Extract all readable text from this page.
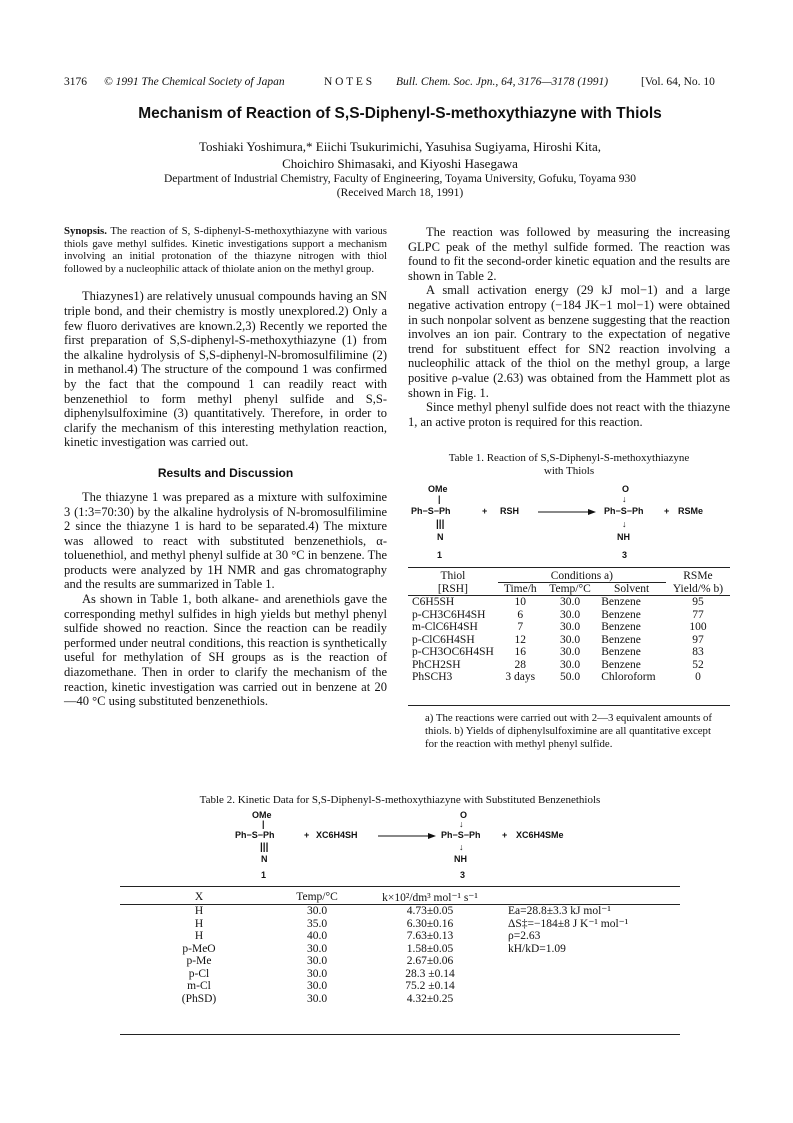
3176	© 1991 The Chemical Society of Japan	N O T E S	Bull. Chem. Soc. Jpn., 64, 3176—3178 (1991)	[Vol. 64, No. 10
Mechanism of Reaction of S,S-Diphenyl-S-methoxythiazyne with Thiols
Toshiaki Yoshimura,* Eiichi Tsukurimichi, Yasuhisa Sugiyama, Hiroshi Kita,
Choichiro Shimasaki, and Kiyoshi Hasegawa
Department of Industrial Chemistry, Faculty of Engineering, Toyama University, Gofuku, Toyama 930
(Received March 18, 1991)

Synopsis. The reaction of S, S-diphenyl-S-methoxythiazyne with various thiols gave methyl sulfides. Kinetic investigations support a mechanism involving an initial protonation of the thiazyne nitrogen with thiol followed by a nucleophilic attack of thiolate anion on the methyl group.

Thiazynes1) are relatively unusual compounds having an SN triple bond, and their chemistry is mostly unexplored.2) Only a few fluoro derivatives are known.2,3) Recently we reported the first preparation of S,S-diphenyl-S-methoxythiazyne (1) from the alkaline hydrolysis of S,S-diphenyl-N-bromosulfilimine (2) in methanol.4) The structure of the compound 1 was confirmed by the fact that the compound 1 can readily react with benzenethiol to form methyl phenyl sulfide and S,S-diphenylsulfoximine (3) quantitatively. Therefore, in order to clarify the mechanism of this interesting methylation reaction, kinetic investigation was carried out.

Results and Discussion

The thiazyne 1 was prepared as a mixture with sulfoximine 3 (1:3=70:30) by the alkaline hydrolysis of N-bromosulfilimine 2 since the thiazyne 1 is hard to be separated.4) The mixture was allowed to react with substituted benzenethiols, α-toluenethiol, and methyl phenyl sulfide at 30 °C in benzene. The products were analyzed by 1H NMR and gas chromatography and the results are summarized in Table 1.

As shown in Table 1, both alkane- and arenethiols gave the corresponding methyl sulfides in high yields but methyl phenyl sulfide showed no reaction. Since the reaction can be readily performed under neutral conditions, this reaction is synthetically useful for methylation of SH groups as is the reaction of diazomethane. Then in order to clarify the mechanism of the reaction, kinetic investigation was carried out in benzene at 20—40 °C using substituted benzenethiols.

The reaction was followed by measuring the increasing GLPC peak of the methyl sulfide formed. The reaction was found to fit the second-order kinetic equation and the results are shown in Table 2.

A small activation energy (29 kJ mol−1) and a large negative activation entropy (−184 JK−1 mol−1) were obtained in such nonpolar solvent as benzene suggesting that the reaction involves an ion pair. Contrary to the expectation of negative trend for substituent effect for SN2 reaction involving a nucleophilic attack of the thiol on the methyl group, a large positive ρ-value (2.63) was obtained from the Hammett plot as shown in Fig. 1.

Since methyl phenyl sulfide does not react with the thiazyne 1, an active proton is required for this reaction.

Table 1. Reaction of S,S-Diphenyl-S-methoxythiazyne
with Thiols
OMe
|
Ph−S−Ph	+ RSH
|||
N
1
O
↓
Ph−S−Ph + RSMe
↓
NH
3
Thiol	Conditions a)			RSMe
[RSH]	Time/h	Temp/°C	Solvent	Yield/% b)
C6H5SH	10	30.0	Benzene	95
p-CH3C6H4SH	6	30.0	Benzene	77
m-ClC6H4SH	7	30.0	Benzene	100
p-ClC6H4SH	12	30.0	Benzene	97
p-CH3OC6H4SH	16	30.0	Benzene	83
PhCH2SH	28	30.0	Benzene	52
PhSCH3	3 days	50.0	Chloroform	0
a) The reactions were carried out with 2—3 equivalent amounts of thiols. b) Yields of diphenylsulfoximine are all quantitative except for the reaction with methyl phenyl sulfide.
Table 2. Kinetic Data for S,S-Diphenyl-S-methoxythiazyne with Substituted Benzenethiols
OMe
|
Ph−S−Ph	+ XC6H4SH
|||
N
1
O
↓
Ph−S−Ph + XC6H4SMe
↓
NH
3
X	Temp/°C	k×10²/dm³ mol⁻¹ s⁻¹	
H	30.0	4.73±0.05	Ea=28.8±3.3 kJ mol⁻¹
H	35.0	6.30±0.16	ΔS‡=−184±8 J K⁻¹ mol⁻¹
H	40.0	7.63±0.13	ρ=2.63
p-MeO	30.0	1.58±0.05	kH/kD=1.09
p-Me	30.0	2.67±0.06	
p-Cl	30.0	28.3 ±0.14	
m-Cl	30.0	75.2 ±0.14	
(PhSD)	30.0	4.32±0.25	
